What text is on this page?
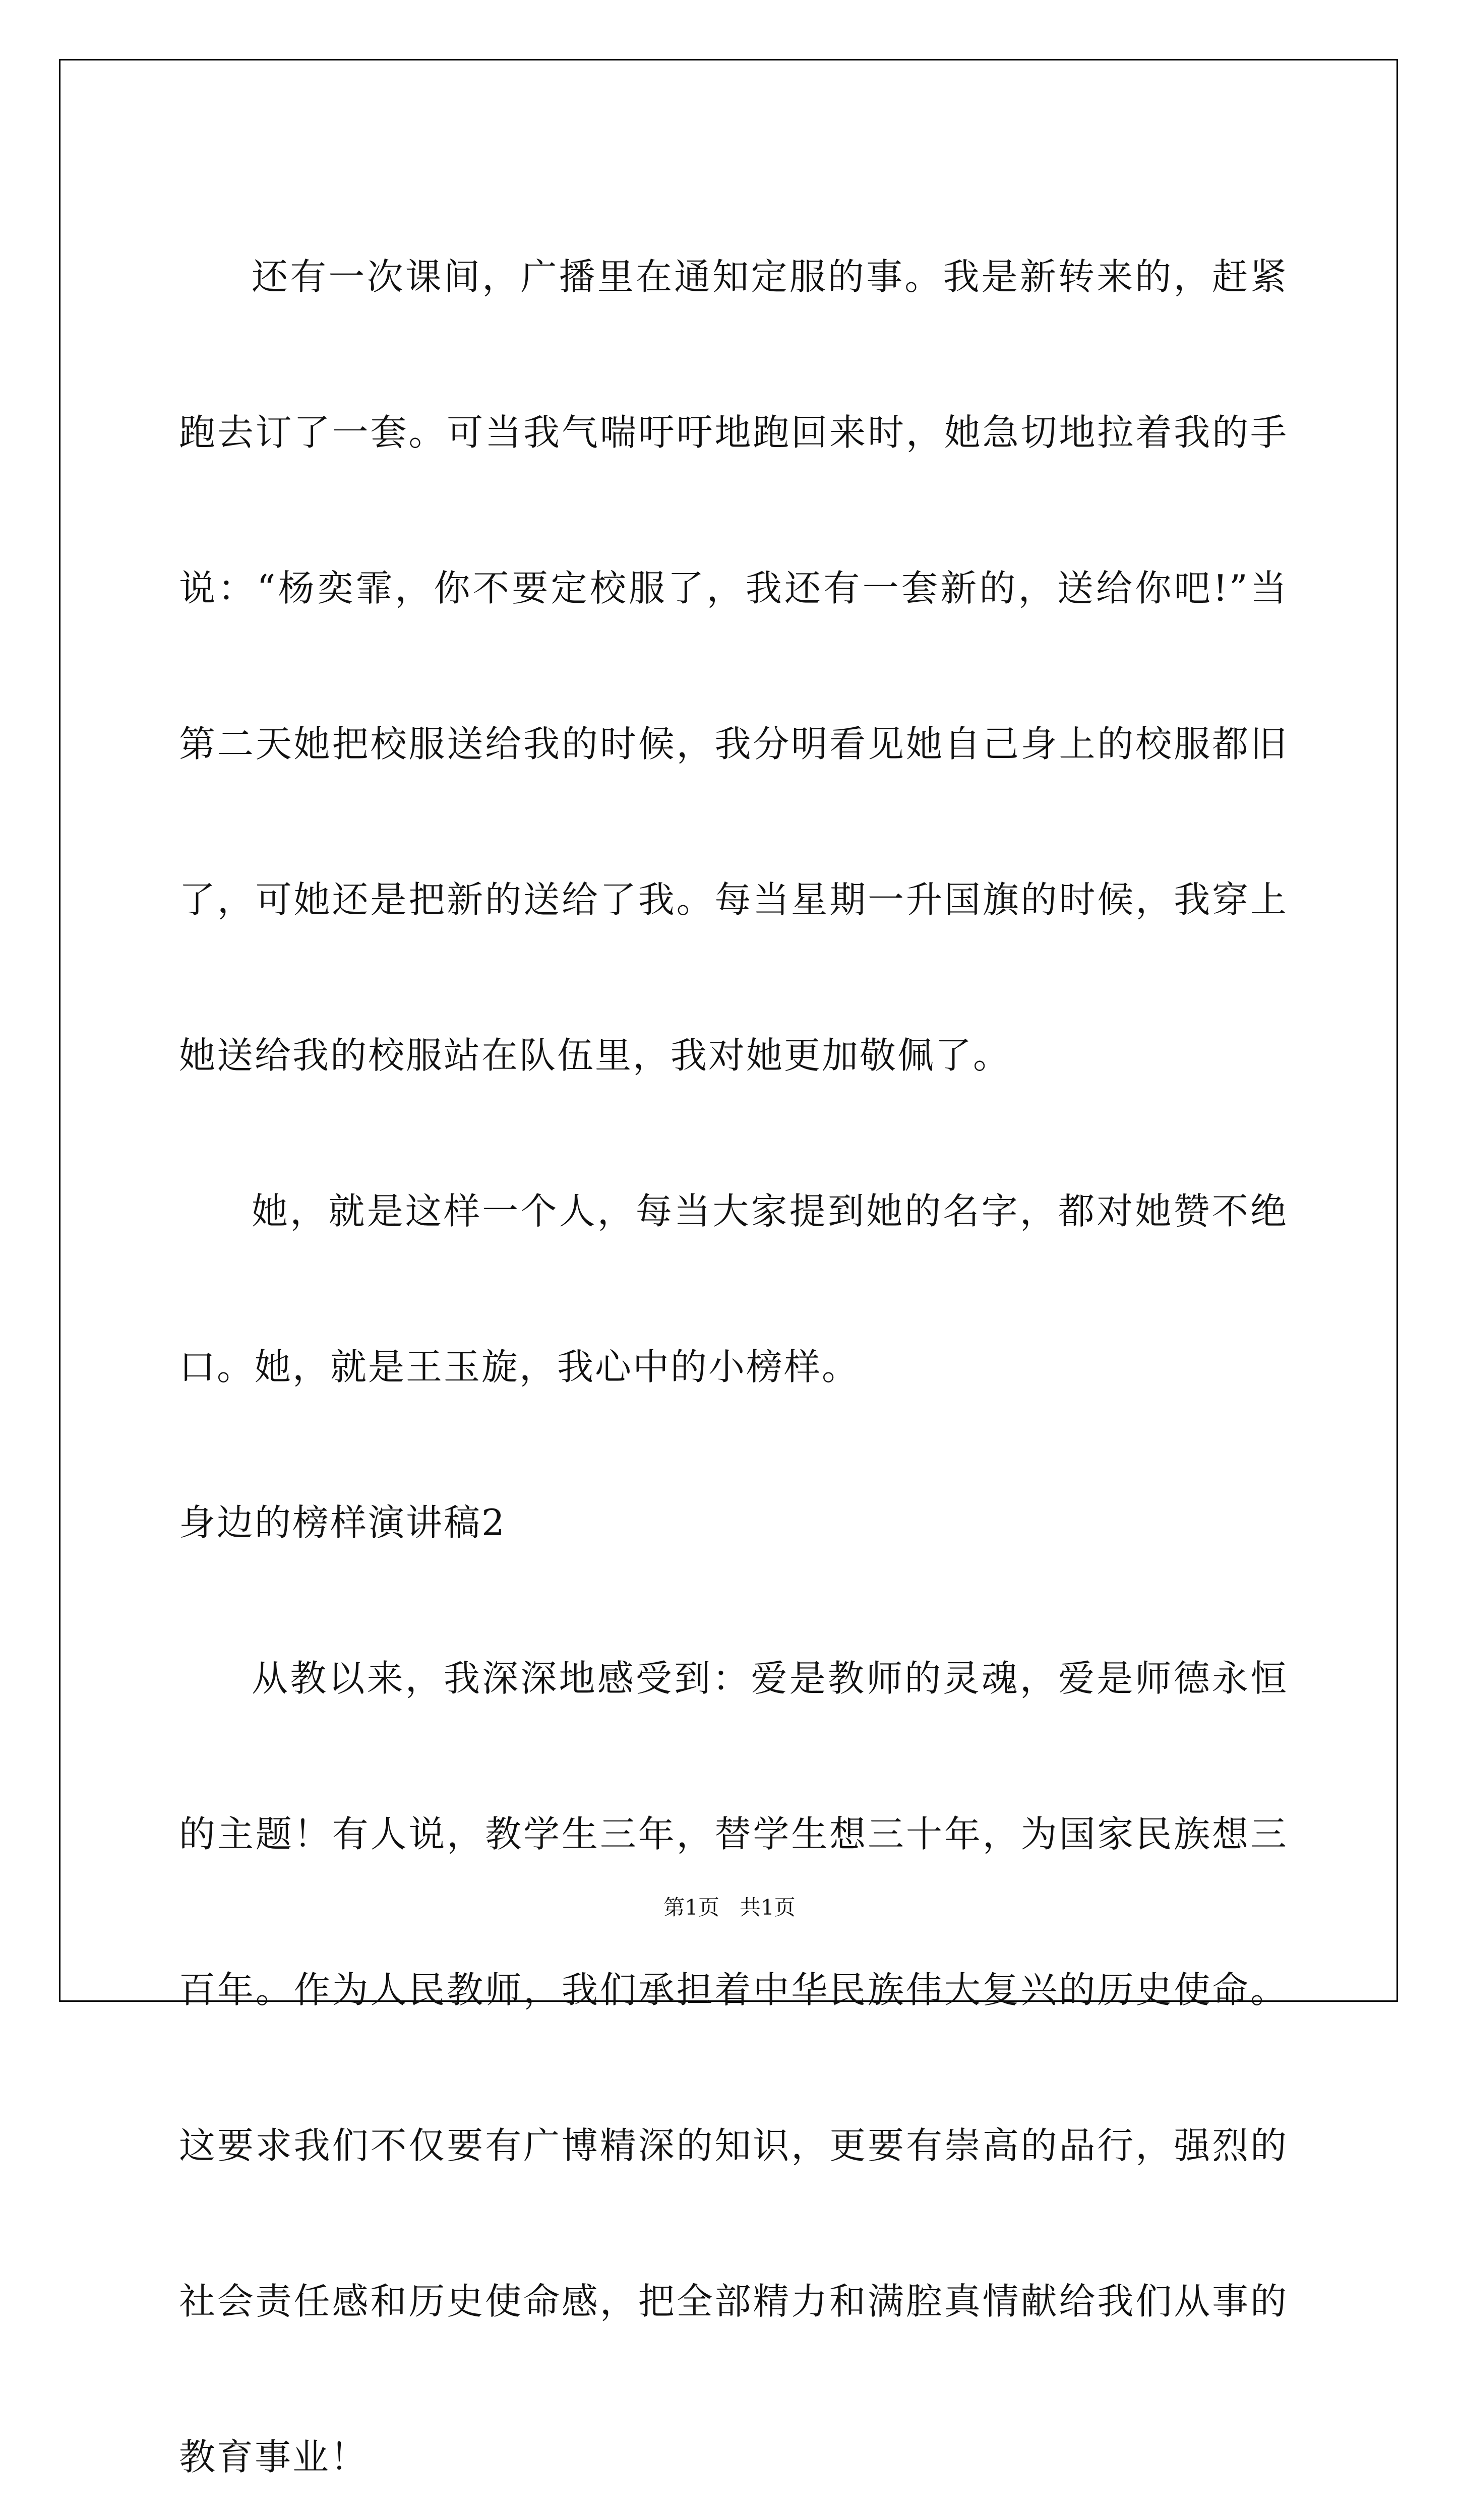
还有一次课间，广播里在通知定服的事。我是新转来的，赶紧跑去订了一套。可当我气喘吁吁地跑回来时，她急切地拉着我的手说：“杨奕霏，你不要定校服了，我还有一套新的，送给你吧!”当第二天她把校服送给我的时候，我分明看见她自己身上的校服都旧了，可她还是把新的送给了我。每当星期一升国旗的时候，我穿上她送给我的校服站在队伍里，我对她更加敬佩了。

她，就是这样一个人，每当大家提到她的名字，都对她赞不绝口。她，就是王玉旋，我心中的小榜样。

身边的榜样演讲稿2

从教以来，我深深地感受到：爱是教师的灵魂，爱是师德永恒的主题！有人说，教学生三年，替学生想三十年，为国家民族想三百年。作为人民教师，我们承担着中华民族伟大复兴的历史使命。这要求我们不仅要有广博精深的知识，更要有崇高的品行，强烈的社会责任感和历史使命感，把全部精力和满腔真情献给我们从事的教育事业！

第1页 共1页
